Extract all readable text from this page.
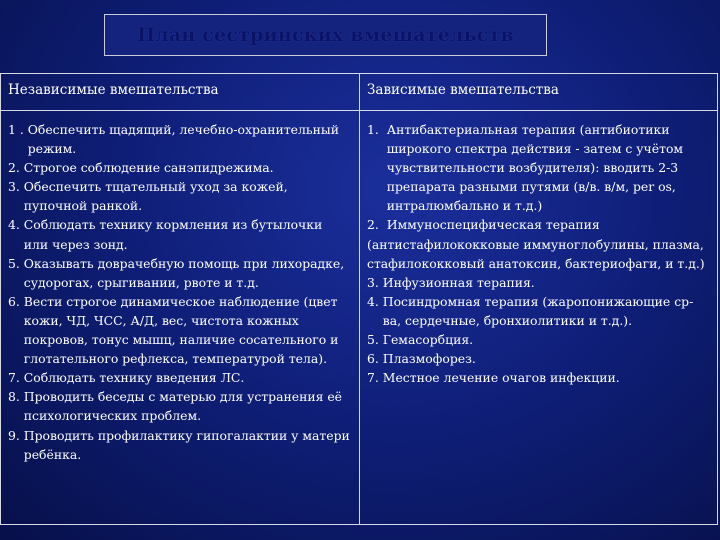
План сестринских вмешательств
Независимые вмешательства	Зависимые вмешательства
1 . Обеспечить щадящий, лечебно-охранительный режим.
2. Строгое соблюдение санэпидрежима.
3. Обеспечить тщательный уход за кожей, пупочной ранкой.
4. Соблюдать технику кормления из бутылочки или через зонд.
5. Оказывать доврачебную помощь при лихорадке, судорогах, срыгивании, рвоте и т.д.
6. Вести строгое динамическое наблюдение (цвет кожи, ЧД, ЧСС, А/Д, вес, чистота кожных покровов, тонус мышц, наличие сосательного и глотательного рефлекса, температурой тела).
7. Соблюдать технику введения ЛС.
8. Проводить беседы с матерью для устранения её психологических проблем.
9. Проводить профилактику гипогалактии у матери ребёнка.
1. Антибактериальная терапия (антибиотики широкого спектра действия - затем с учётом чувствительности возбудителя): вводить 2-3 препарата разными путями (в/в. в/м, per os, интралюмбально и т.д.)
2. Иммуноспецифическая терапия
(антистафилококковые иммуноглобулины, плазма, стафилококковый анатоксин, бактериофаги, и т.д.)
3. Инфузионная терапия.
4. Посиндромная терапия (жаропонижающие ср-ва, сердечные, бронхиолитики и т.д.).
5. Гемасорбция.
6. Плазмофорез.
7. Местное лечение очагов инфекции.
